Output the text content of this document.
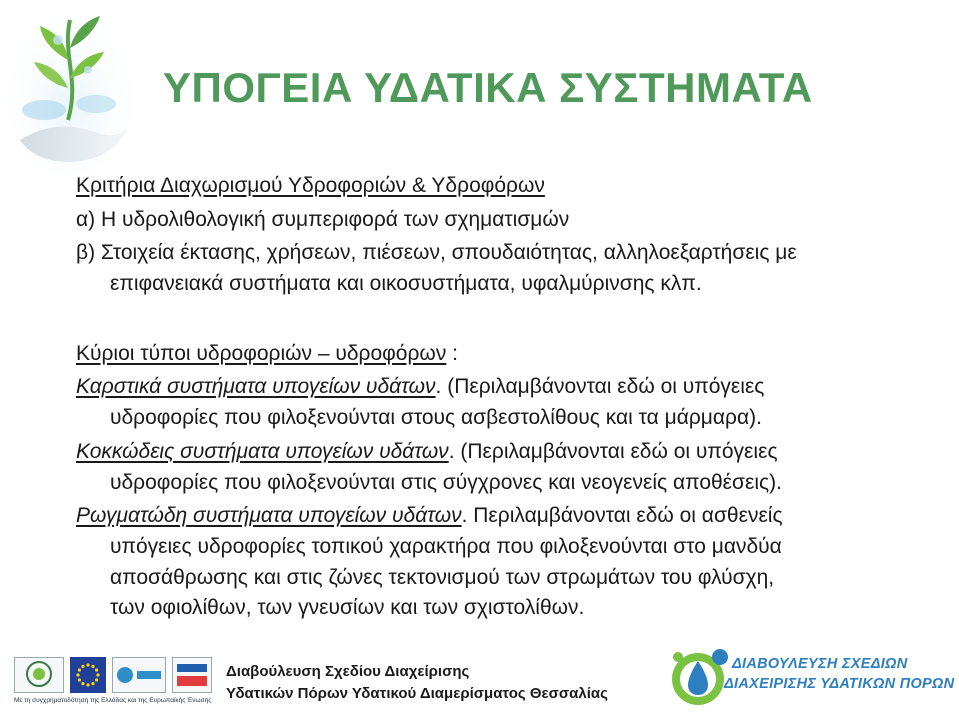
ΥΠΟΓΕΙΑ ΥΔΑΤΙΚΑ ΣΥΣΤΗΜΑΤΑ
Κριτήρια Διαχωρισμού Υδροφοριών & Υδροφόρων
α) Η υδρολιθολογική συμπεριφορά των σχηματισμών
β) Στοιχεία έκτασης, χρήσεων, πιέσεων, σπουδαιότητας, αλληλοεξαρτήσεις με
επιφανειακά συστήματα και οικοσυστήματα, υφαλμύρινσης κλπ.
Κύριοι τύποι υδροφοριών – υδροφόρων :
Καρστικά συστήματα υπογείων υδάτων. (Περιλαμβάνονται εδώ οι υπόγειες
υδροφορίες που φιλοξενούνται στους ασβεστολίθους και τα μάρμαρα).
Κοκκώδεις συστήματα υπογείων υδάτων. (Περιλαμβάνονται εδώ οι υπόγειες
υδροφορίες που φιλοξενούνται στις σύγχρονες και νεογενείς αποθέσεις).
Ρωγματώδη συστήματα υπογείων υδάτων. Περιλαμβάνονται εδώ οι ασθενείς
υπόγειες υδροφορίες τοπικού χαρακτήρα που φιλοξενούνται στο μανδύα
αποσάθρωσης και στις ζώνες τεκτονισμού των στρωμάτων του φλύσχη,
των οφιολίθων, των γνευσίων και των σχιστολίθων.
Με τη συγχρηματοδότηση της Ελλάδας και της Ευρωπαϊκής Ένωσης
Διαβούλευση Σχεδίου Διαχείρισης
Υδατικών Πόρων Υδατικού Διαμερίσματος Θεσσαλίας
ΔΙΑΒΟΥΛΕΥΣΗ ΣΧΕΔΙΩΝ
ΔΙΑΧΕΙΡΙΣΗΣ ΥΔΑΤΙΚΩΝ ΠΟΡΩΝ
